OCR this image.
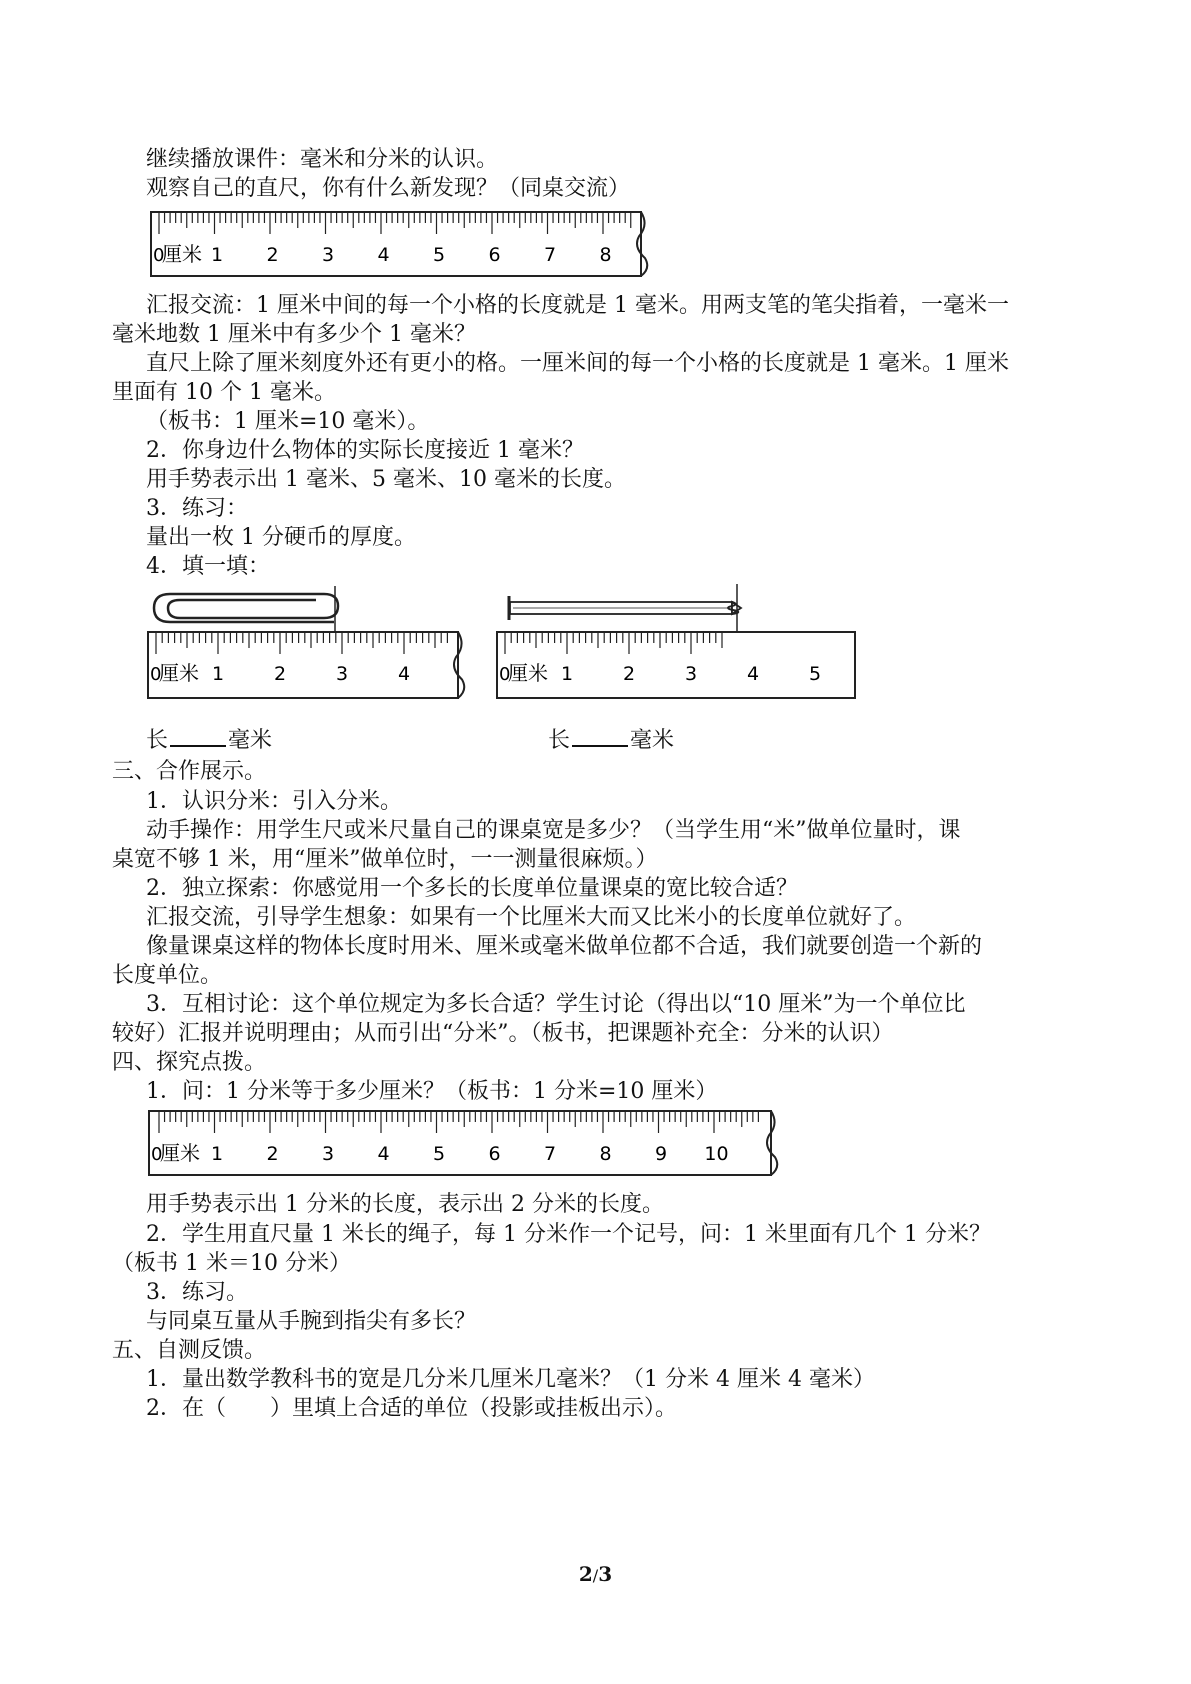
继续播放课件：毫米和分米的认识。
观察自己的直尺，你有什么新发现？（同桌交流）
0
厘米 1 2 3 4 5 6 7 8
汇报交流：1 厘米中间的每一个小格的长度就是 1 毫米。用两支笔的笔尖指着，一毫米一
毫米地数 1 厘米中有多少个 1 毫米？
直尺上除了厘米刻度外还有更小的格。一厘米间的每一个小格的长度就是 1 毫米。1 厘米
里面有 10 个 1 毫米。
（板书：1 厘米=10 毫米）。
2．你身边什么物体的实际长度接近 1 毫米？
用手势表示出 1 毫米、5 毫米、10 毫米的长度。
3．练习：
量出一枚 1 分硬币的厚度。
4．填一填：
0
厘米 1	2	3	4	0
厘米 1	2	3	4	5
长	毫米	长	毫米
三、合作展示。
1．认识分米：引入分米。
动手操作：用学生尺或米尺量自己的课桌宽是多少？（当学生用“米”做单位量时，课
桌宽不够 1 米，用“厘米”做单位时，一一测量很麻烦。）
2．独立探索：你感觉用一个多长的长度单位量课桌的宽比较合适？
汇报交流，引导学生想象：如果有一个比厘米大而又比米小的长度单位就好了。
像量课桌这样的物体长度时用米、厘米或毫米做单位都不合适，我们就要创造一个新的
长度单位。
3．互相讨论：这个单位规定为多长合适？学生讨论（得出以“10 厘米”为一个单位比
较好）汇报并说明理由；从而引出“分米”。（板书，把课题补充全：分米的认识）
四、探究点拨。
1．问：1 分米等于多少厘米？（板书：1 分米=10 厘米）
0
厘米 1 2 3 4 5 6 7 8 9 10
用手势表示出 1 分米的长度，表示出 2 分米的长度。
2．学生用直尺量 1 米长的绳子，每 1 分米作一个记号，问：1 米里面有几个 1 分米？
（板书 1 米＝10 分米）
3．练习。
与同桌互量从手腕到指尖有多长？
五、自测反馈。
1．量出数学教科书的宽是几分米几厘米几毫米？（1 分米 4 厘米 4 毫米）
2．在（　　）里填上合适的单位（投影或挂板出示）。
2/3
